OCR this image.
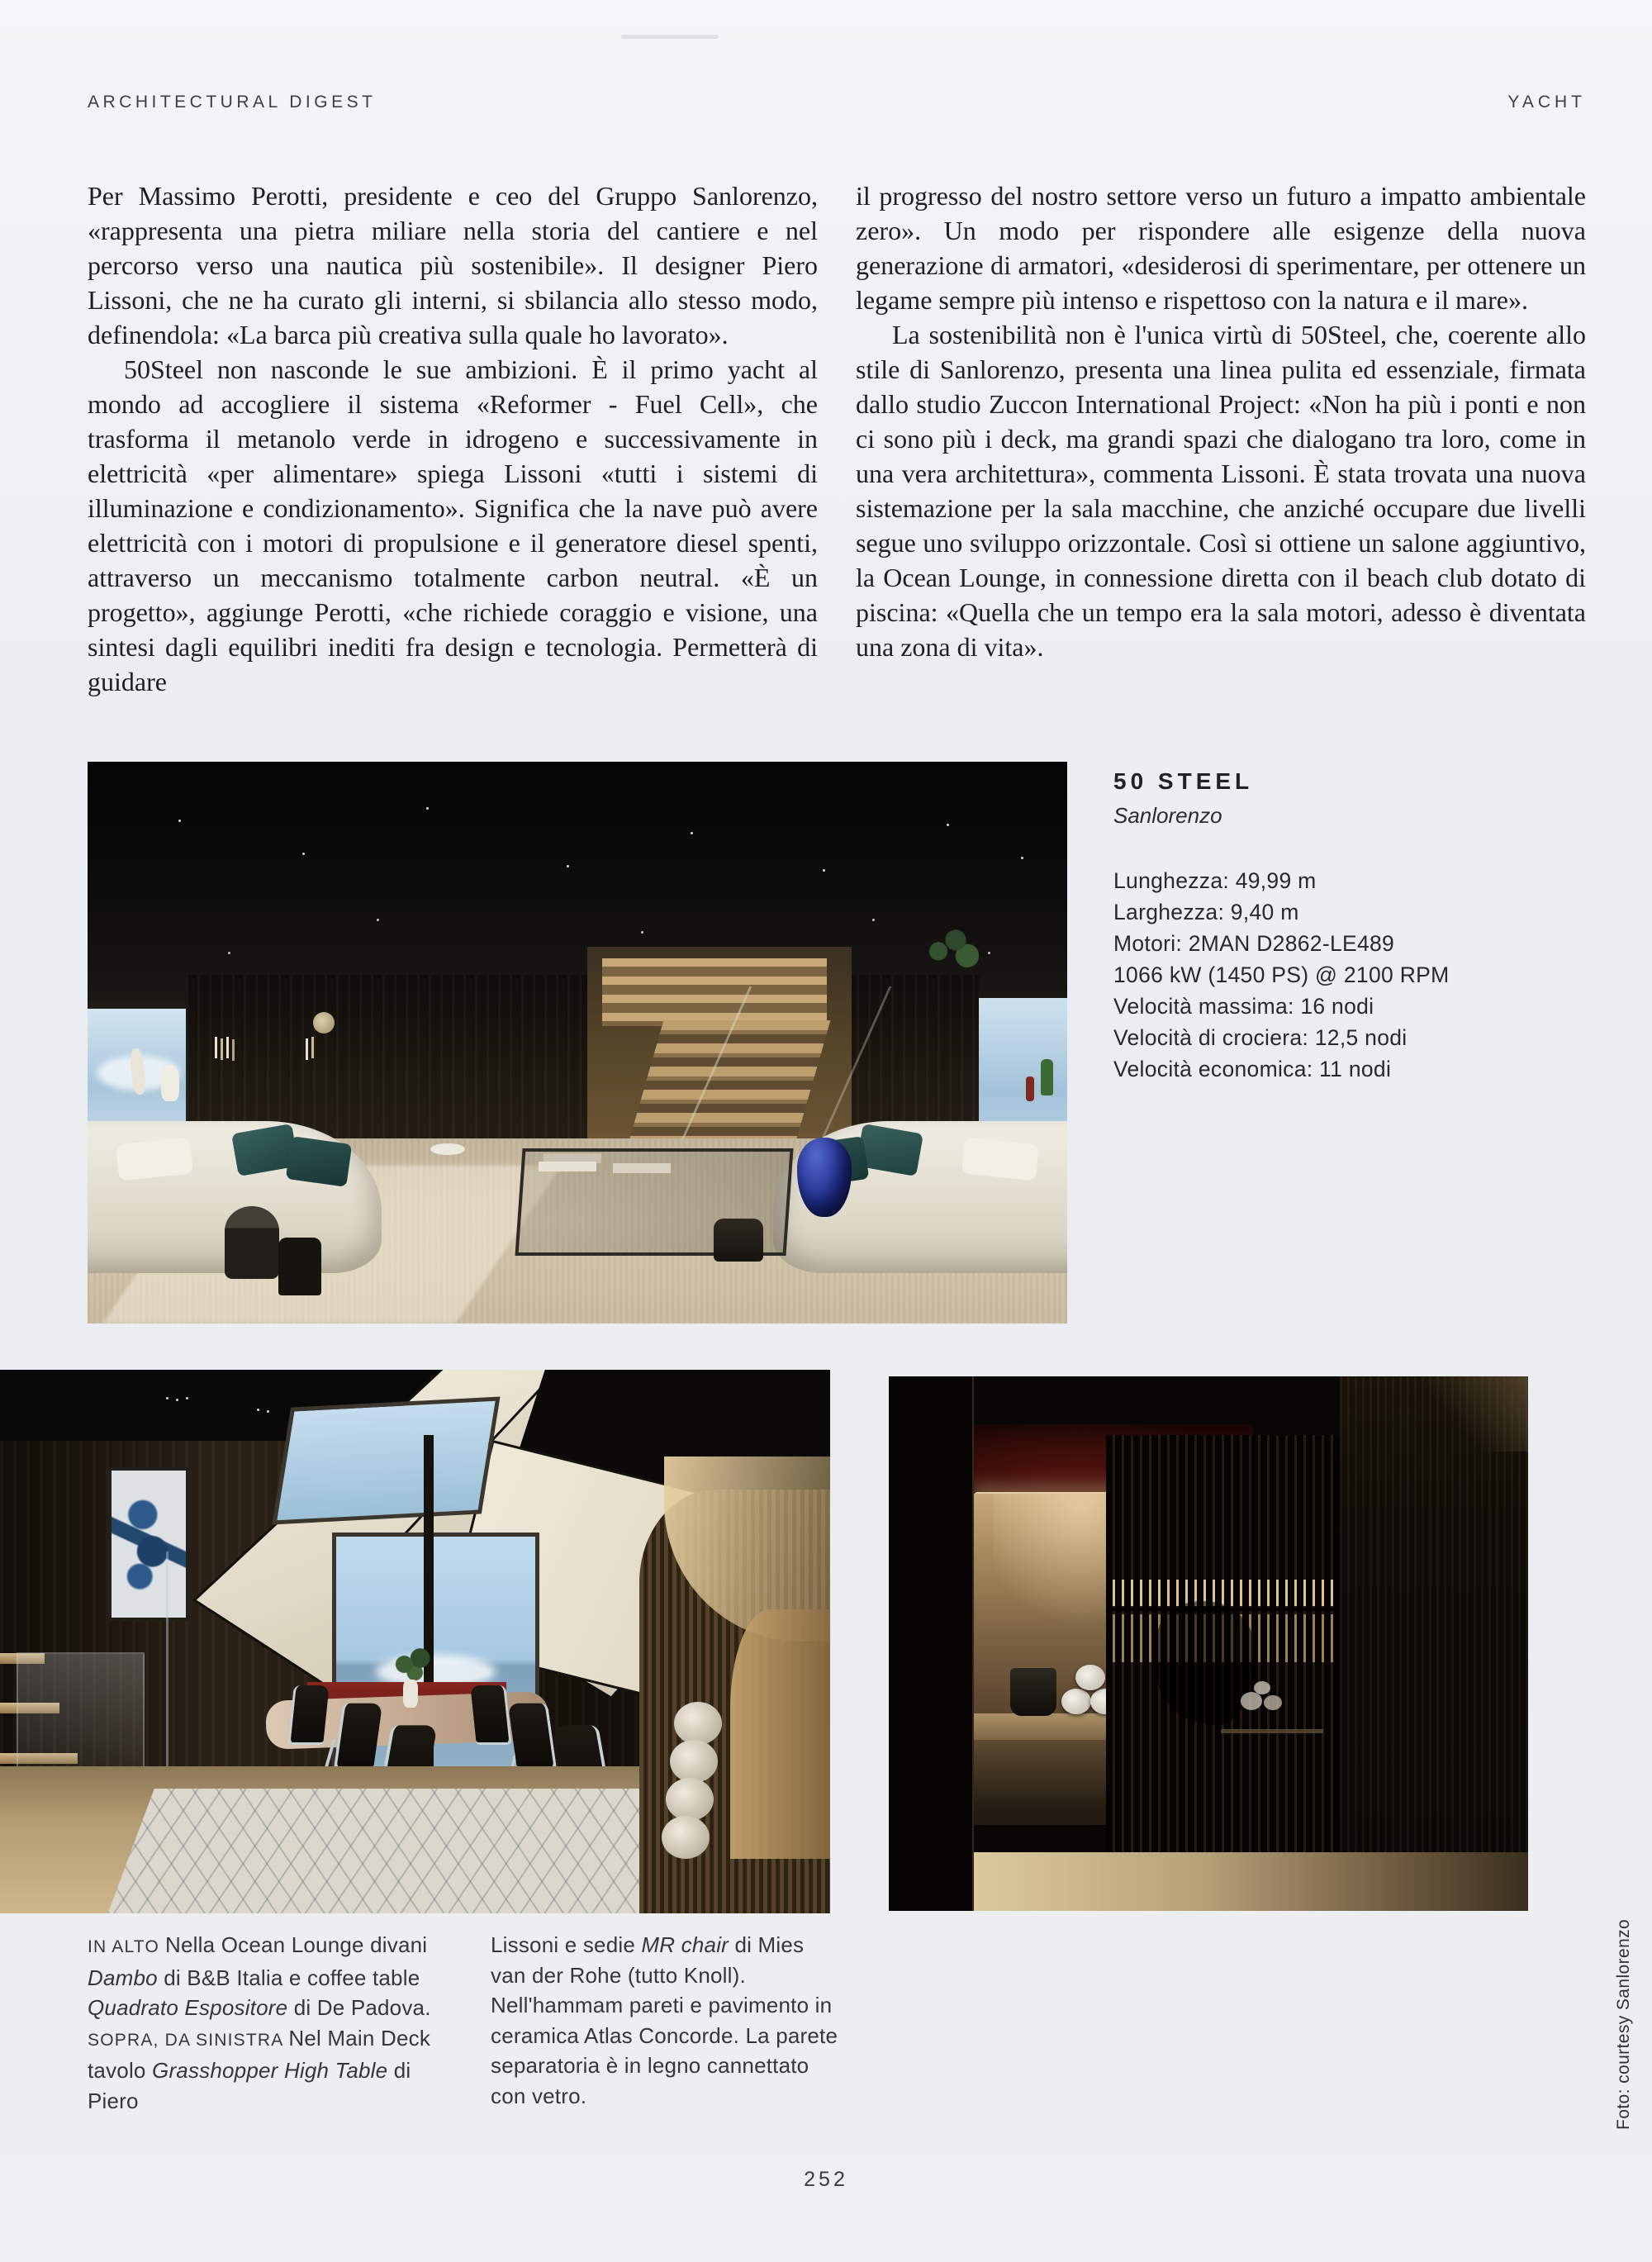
ARCHITECTURAL DIGEST	YACHT
Per Massimo Perotti, presidente e ceo del Gruppo Sanlorenzo, «rappresenta una pietra miliare nella storia del cantiere e nel percorso verso una nautica più sostenibile». Il designer Piero Lissoni, che ne ha curato gli interni, si sbilancia allo stesso modo, definendola: «La barca più creativa sulla quale ho lavorato».
50Steel non nasconde le sue ambizioni. È il primo yacht al mondo ad accogliere il sistema «Reformer - Fuel Cell», che trasforma il metanolo verde in idrogeno e successivamente in elettricità «per alimentare» spiega Lissoni «tutti i sistemi di illuminazione e condizionamento». Significa che la nave può avere elettricità con i motori di propulsione e il generatore diesel spenti, attraverso un meccanismo totalmente carbon neutral. «È un progetto», aggiunge Perotti, «che richiede coraggio e visione, una sintesi dagli equilibri inediti fra design e tecnologia. Permetterà di guidare
il progresso del nostro settore verso un futuro a impatto ambientale zero». Un modo per rispondere alle esigenze della nuova generazione di armatori, «desiderosi di sperimentare, per ottenere un legame sempre più intenso e rispettoso con la natura e il mare».
La sostenibilità non è l'unica virtù di 50Steel, che, coerente allo stile di Sanlorenzo, presenta una linea pulita ed essenziale, firmata dallo studio Zuccon International Project: «Non ha più i ponti e non ci sono più i deck, ma grandi spazi che dialogano tra loro, come in una vera architettura», commenta Lissoni. È stata trovata una nuova sistemazione per la sala macchine, che anziché occupare due livelli segue uno sviluppo orizzontale. Così si ottiene un salone aggiuntivo, la Ocean Lounge, in connessione diretta con il beach club dotato di piscina: «Quella che un tempo era la sala motori, adesso è diventata una zona di vita».
50 STEEL
Sanlorenzo
Lunghezza: 49,99 m
Larghezza: 9,40 m
Motori: 2MAN D2862-LE489
1066 kW (1450 PS) @ 2100 RPM
Velocità massima: 16 nodi
Velocità di crociera: 12,5 nodi
Velocità economica: 11 nodi
IN ALTO Nella Ocean Lounge divani Dambo di B&B Italia e coffee table Quadrato Espositore di De Padova. SOPRA, DA SINISTRA Nel Main Deck tavolo Grasshopper High Table di Piero
Lissoni e sedie MR chair di Mies van der Rohe (tutto Knoll). Nell'hammam pareti e pavimento in ceramica Atlas Concorde. La parete separatoria è in legno cannettato con vetro.
252
Foto: courtesy Sanlorenzo
